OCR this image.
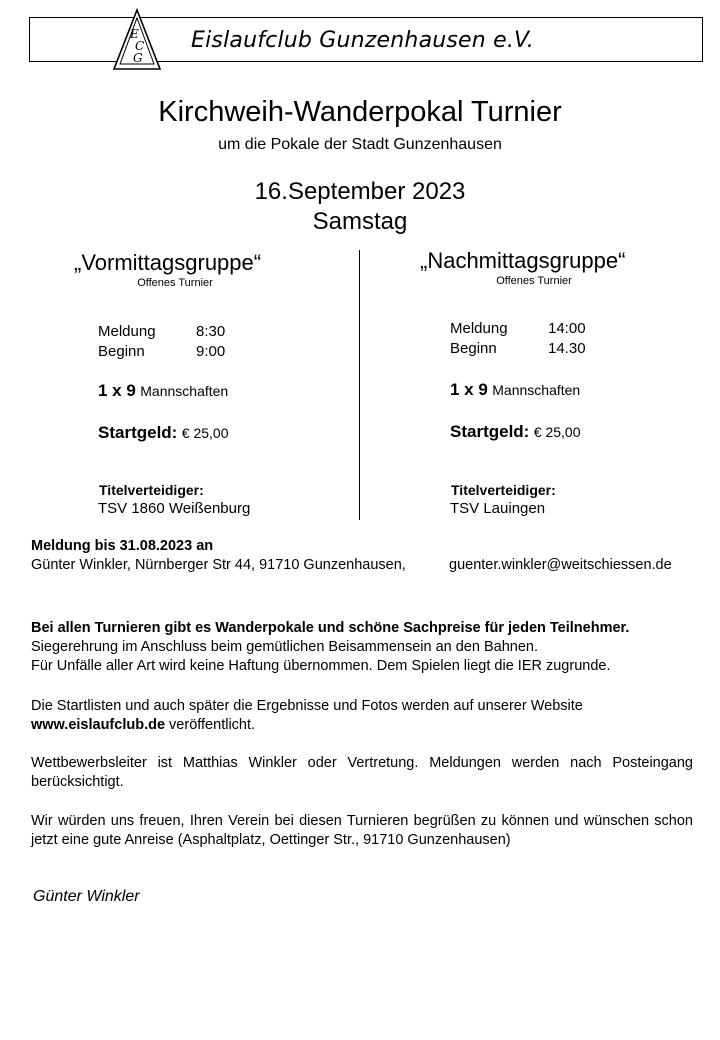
E
C
G
Eislaufclub Gunzenhausen e.V.
Kirchweih-Wanderpokal Turnier
um die Pokale der Stadt Gunzenhausen
16.September 2023
Samstag
„Vormittagsgruppe“
Offenes Turnier
Meldung	8:30
Beginn	9:00
1 x 9 Mannschaften
Startgeld: € 25,00
Titelverteidiger:
TSV 1860 Weißenburg
„Nachmittagsgruppe“
Offenes Turnier
Meldung	14:00
Beginn	14.30
1 x 9 Mannschaften
Startgeld: € 25,00
Titelverteidiger:
TSV Lauingen
Meldung bis 31.08.2023 an
Günter Winkler, Nürnberger Str 44, 91710 Gunzenhausen,	guenter.winkler@weitschiessen.de
Bei allen Turnieren gibt es Wanderpokale und schöne Sachpreise für jeden Teilnehmer.
Siegerehrung im Anschluss beim gemütlichen Beisammensein an den Bahnen.
Für Unfälle aller Art wird keine Haftung übernommen. Dem Spielen liegt die IER zugrunde.
Die Startlisten und auch später die Ergebnisse und Fotos werden auf unserer Website
www.eislaufclub.de veröffentlicht.
Wettbewerbsleiter ist Matthias Winkler oder Vertretung. Meldungen werden nach Posteingang berücksichtigt.
Wir würden uns freuen, Ihren Verein bei diesen Turnieren begrüßen zu können und wünschen schon jetzt eine gute Anreise (Asphaltplatz, Oettinger Str., 91710 Gunzenhausen)
Günter Winkler
